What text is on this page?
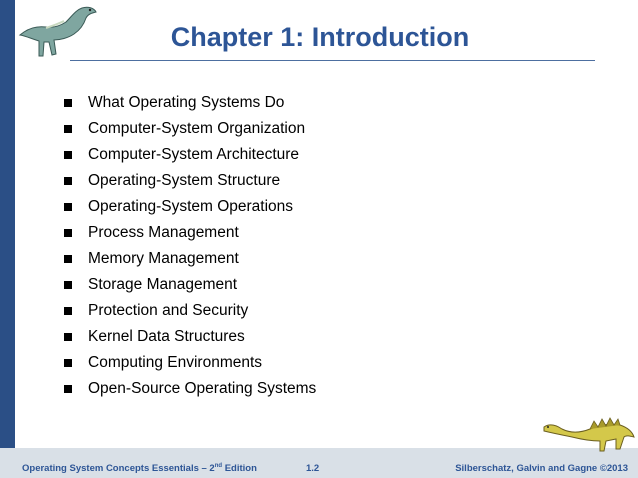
Chapter 1: Introduction
What Operating Systems Do
Computer-System Organization
Computer-System Architecture
Operating-System Structure
Operating-System Operations
Process Management
Memory Management
Storage Management
Protection and Security
Kernel Data Structures
Computing Environments
Open-Source Operating Systems
Operating System Concepts Essentials – 2nd Edition	1.2	Silberschatz, Galvin and Gagne ©2013
